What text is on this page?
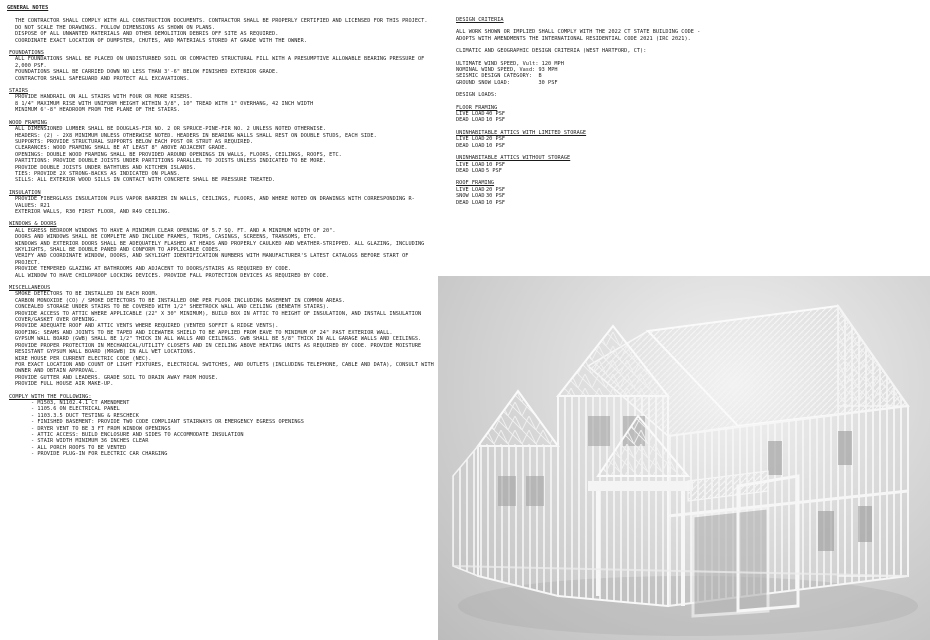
GENERAL NOTES
THE CONTRACTOR SHALL COMPLY WITH ALL CONSTRUCTION DOCUMENTS. CONTRACTOR SHALL BE PROPERLY CERTIFIED AND LICENSED FOR THIS PROJECT.
DO NOT SCALE THE DRAWINGS. FOLLOW DIMENSIONS AS SHOWN ON PLANS.
DISPOSE OF ALL UNWANTED MATERIALS AND OTHER DEMOLITION DEBRIS OFF SITE AS REQUIRED.
COORDINATE EXACT LOCATION OF DUMPSTER, CHUTES, AND MATERIALS STORED AT GRADE WITH THE OWNER.
FOUNDATIONS
ALL FOUNDATIONS SHALL BE PLACED ON UNDISTURBED SOIL OR COMPACTED STRUCTURAL FILL WITH A PRESUMPTIVE ALLOWABLE BEARING PRESSURE OF 2,000 PSF.
FOUNDATIONS SHALL BE CARRIED DOWN NO LESS THAN 3'-6" BELOW FINISHED EXTERIOR GRADE.
CONTRACTOR SHALL SAFEGUARD AND PROTECT ALL EXCAVATIONS.
STAIRS
PROVIDE HANDRAIL ON ALL STAIRS WITH FOUR OR MORE RISERS.
8 1/4" MAXIMUM RISE WITH UNIFORM HEIGHT WITHIN 3/8", 10" TREAD WITH 1" OVERHANG, 42 INCH WIDTH
MINIMUM 6'-8" HEADROOM FROM THE PLANE OF THE STAIRS.
WOOD FRAMING
ALL DIMENSIONED LUMBER SHALL BE DOUGLAS-FIR NO. 2 OR SPRUCE-PINE-FIR NO. 2 UNLESS NOTED OTHERWISE.
HEADERS: (2) - 2X8 MINIMUM UNLESS OTHERWISE NOTED. HEADERS IN BEARING WALLS SHALL REST ON DOUBLE STUDS, EACH SIDE.
SUPPORTS: PROVIDE STRUCTURAL SUPPORTS BELOW EACH POST OR STRUT AS REQUIRED.
CLEARANCES: WOOD FRAMING SHALL BE AT LEAST 8" ABOVE ADJACENT GRADE.
OPENINGS: DOUBLE WOOD FRAMING SHALL BE PROVIDED AROUND OPENINGS IN WALLS, FLOORS, CEILINGS, ROOFS, ETC.
PARTITIONS: PROVIDE DOUBLE JOISTS UNDER PARTITIONS PARALLEL TO JOISTS UNLESS INDICATED TO BE MORE.
PROVIDE DOUBLE JOISTS UNDER BATHTUBS AND KITCHEN ISLANDS.
TIES: PROVIDE 2X STRONG-BACKS AS INDICATED ON PLANS.
SILLS: ALL EXTERIOR WOOD SILLS IN CONTACT WITH CONCRETE SHALL BE PRESSURE TREATED.
INSULATION
PROVIDE FIBERGLASS INSULATION PLUS VAPOR BARRIER IN WALLS, CEILINGS, FLOORS, AND WHERE NOTED ON DRAWINGS WITH CORRESPONDING R-VALUES: R21
EXTERIOR WALLS, R30 FIRST FLOOR, AND R49 CEILING.
WINDOWS & DOORS
ALL EGRESS BEDROOM WINDOWS TO HAVE A MINIMUM CLEAR OPENING OF 5.7 SQ. FT. AND A MINIMUM WIDTH OF 20".
DOORS AND WINDOWS SHALL BE COMPLETE AND INCLUDE FRAMES, TRIMS, CASINGS, SCREENS, TRANSOMS, ETC.
WINDOWS AND EXTERIOR DOORS SHALL BE ADEQUATELY FLASHED AT HEADS AND PROPERLY CAULKED AND WEATHER-STRIPPED. ALL GLAZING, INCLUDING
SKYLIGHTS, SHALL BE DOUBLE PANED AND CONFORM TO APPLICABLE CODES.
VERIFY AND COORDINATE WINDOW, DOORS, AND SKYLIGHT IDENTIFICATION NUMBERS WITH MANUFACTURER'S LATEST CATALOGS BEFORE START OF PROJECT.
PROVIDE TEMPERED GLAZING AT BATHROOMS AND ADJACENT TO DOORS/STAIRS AS REQUIRED BY CODE.
ALL WINDOW TO HAVE CHILDPROOF LOCKING DEVICES. PROVIDE FALL PROTECTION DEVICES AS REQUIRED BY CODE.
MISCELLANEOUS
SMOKE DETECTORS TO BE INSTALLED IN EACH ROOM.
CARBON MONOXIDE (CO) / SMOKE DETECTORS TO BE INSTALLED ONE PER FLOOR INCLUDING BASEMENT IN COMMON AREAS.
CONCEALED STORAGE UNDER STAIRS TO BE COVERED WITH 1/2" SHEETROCK WALL AND CEILING (BENEATH STAIRS).
PROVIDE ACCESS TO ATTIC WHERE APPLICABLE (22" X 30" MINIMUM), BUILD BOX IN ATTIC TO HEIGHT OF INSULATION, AND INSTALL INSULATION COVER/GASKET OVER OPENING.
PROVIDE ADEQUATE ROOF AND ATTIC VENTS WHERE REQUIRED (VENTED SOFFIT & RIDGE VENTS).
ROOFING: SEAMS AND JOINTS TO BE TAPED AND ICEWATER SHIELD TO BE APPLIED FROM EAVE TO MINIMUM OF 24" PAST EXTERIOR WALL.
GYPSUM WALL BOARD (GWB) SHALL BE 1/2" THICK IN ALL WALLS AND CEILINGS. GWB SHALL BE 5/8" THICK IN ALL GARAGE WALLS AND CEILINGS. PROVIDE PROPER PROTECTION IN MECHANICAL/UTILITY CLOSETS AND IN CEILING ABOVE HEATING UNITS AS REQUIRED BY CODE. PROVIDE MOISTURE RESISTANT GYPSUM WALL BOARD (MRGWB) IN ALL WET LOCATIONS.
WIRE HOUSE PER CURRENT ELECTRIC CODE (NEC).
FOR EXACT LOCATION AND COUNT OF LIGHT FIXTURES, ELECTRICAL SWITCHES, AND OUTLETS (INCLUDING TELEPHONE, CABLE AND DATA), CONSULT WITH OWNER AND OBTAIN APPROVAL.
PROVIDE GUTTER AND LEADERS. GRADE SOIL TO DRAIN AWAY FROM HOUSE.
PROVIDE FULL HOUSE AIR MAKE-UP.
COMPLY WITH THE FOLLOWING:
- M1503, N1102.4.1 CT AMENDMENT
- 1105.6 ON ELECTRICAL PANEL
- 1103.3.5 DUCT TESTING & RESCHECK
- FINISHED BASEMENT: PROVIDE TWO CODE COMPLIANT STAIRWAYS OR EMERGENCY EGRESS OPENINGS
- DRYER VENT TO BE 3 FT FROM WINDOW OPENINGS
- ATTIC ACCESS: BUILD ENCLOSURE AND SIDES TO ACCOMMODATE INSULATION
- STAIR WIDTH MINIMUM 36 INCHES CLEAR
- ALL PORCH ROOFS TO BE VENTED
- PROVIDE PLUG-IN FOR ELECTRIC CAR CHARGING
DESIGN CRITERIA
ALL WORK SHOWN OR IMPLIED SHALL COMPLY WITH THE 2022 CT STATE BUILDING CODE -
ADOPTS WITH AMENDMENTS THE INTERNATIONAL RESIDENTIAL CODE 2021 (IRC 2021).
CLIMATIC AND GEOGRAPHIC DESIGN CRITERIA (WEST HARTFORD, CT):
ULTIMATE WIND SPEED, Vult: 120 MPH
NOMINAL WIND SPEED, Vasd: 93 MPH
SEISMIC DESIGN CATEGORY:  B
GROUND SNOW LOAD:         30 PSF
DESIGN LOADS:
FLOOR FRAMING
LIVE LOAD 40 PSF
DEAD LOAD 10 PSF
UNINHABITABLE ATTICS WITH LIMITED STORAGE
LIVE LOAD 20 PSF
DEAD LOAD 10 PSF
UNINHABITABLE ATTICS WITHOUT STORAGE
LIVE LOAD 10 PSF
DEAD LOAD 5 PSF
ROOF FRAMING
LIVE LOAD 20 PSF
SNOW LOAD 30 PSF
DEAD LOAD 10 PSF
